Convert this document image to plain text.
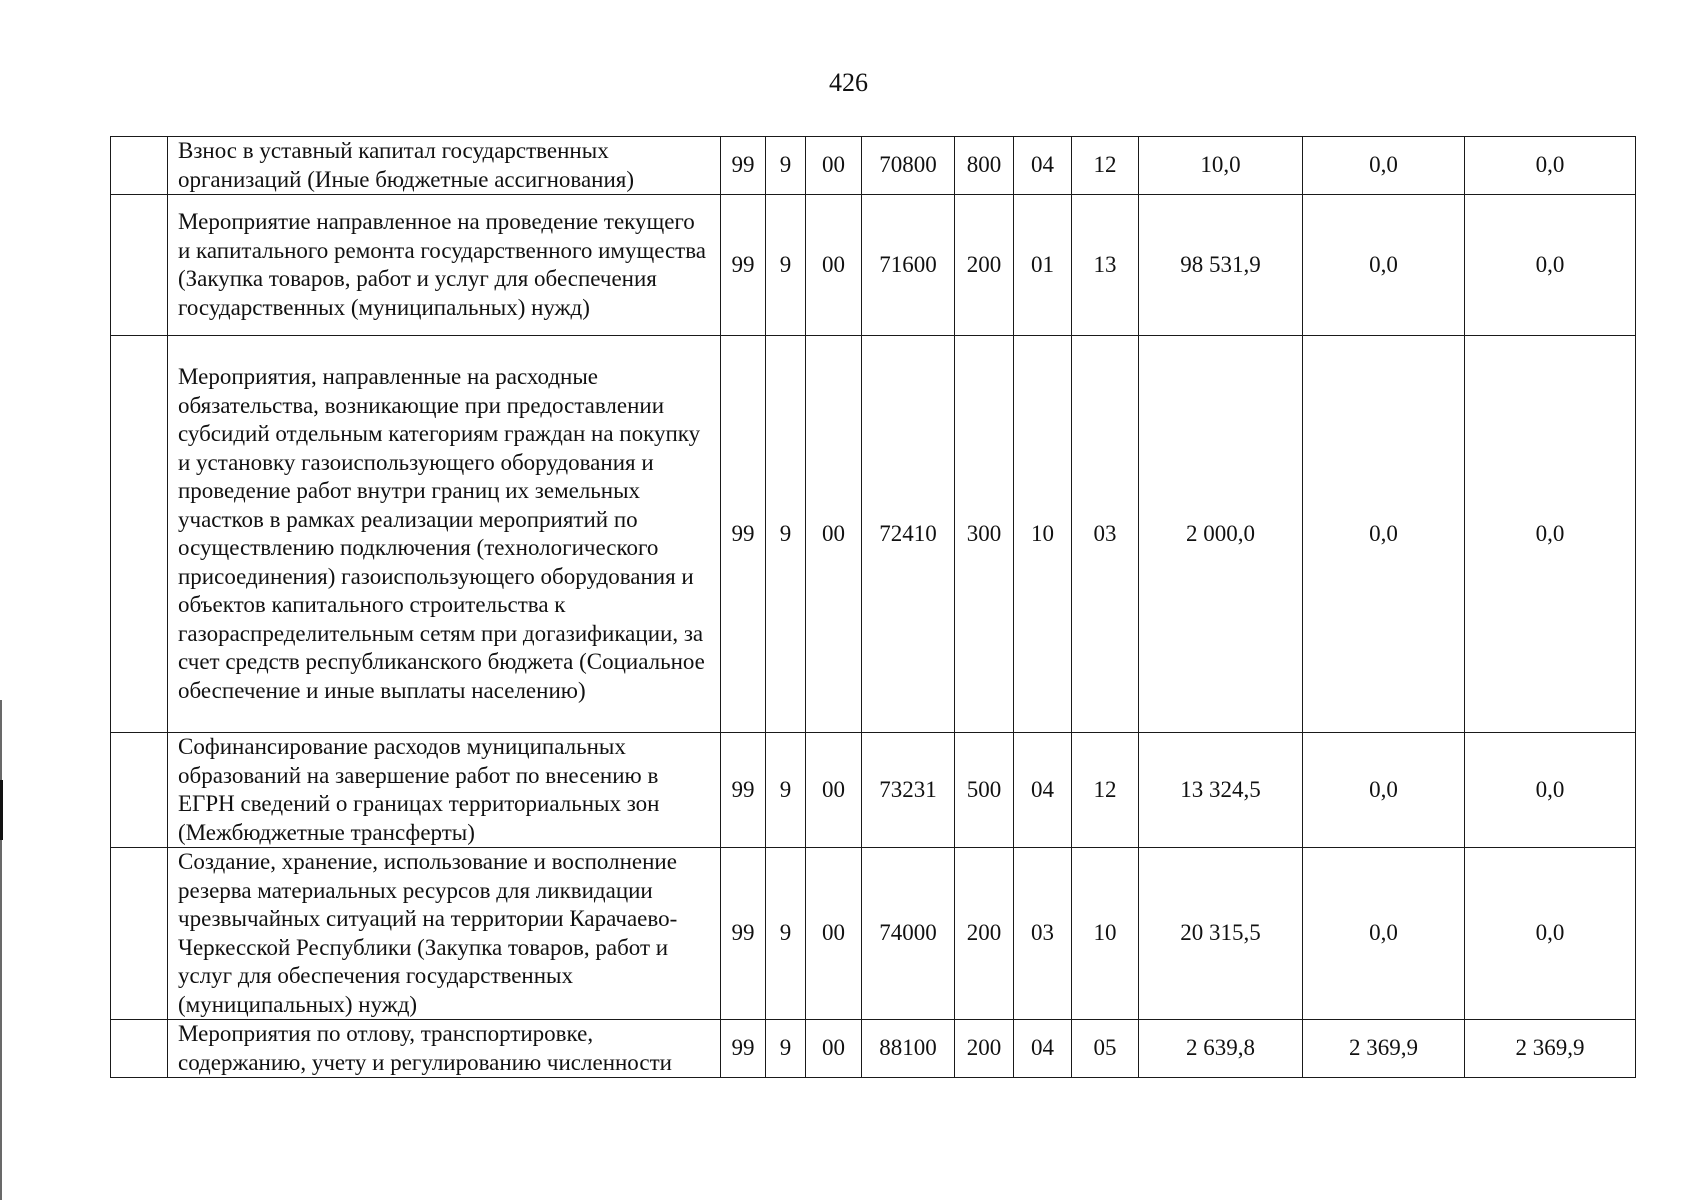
426
	Взнос в уставный капитал государственных организаций (Иные бюджетные ассигнования)	99	9	00	70800	800	04	12	10,0	0,0	0,0
	Мероприятие направленное на проведение текущего и капитального ремонта государственного имущества (Закупка товаров, работ и услуг для обеспечения государственных (муниципальных) нужд)	99	9	00	71600	200	01	13	98 531,9	0,0	0,0
	Мероприятия, направленные на расходные обязательства, возникающие при предоставлении субсидий отдельным категориям граждан на покупку и установку газоиспользующего оборудования и проведение работ внутри границ их земельных участков в рамках реализации мероприятий по осуществлению подключения (технологического присоединения) газоиспользующего оборудования и объектов капитального строительства к газораспределительным сетям при догазификации, за счет средств республиканского бюджета (Социальное обеспечение и иные выплаты населению)	99	9	00	72410	300	10	03	2 000,0	0,0	0,0
	Софинансирование расходов муниципальных образований на завершение работ по внесению в ЕГРН сведений о границах территориальных зон (Межбюджетные трансферты)	99	9	00	73231	500	04	12	13 324,5	0,0	0,0
	Создание, хранение, использование и восполнение резерва материальных ресурсов для ликвидации чрезвычайных ситуаций на территории Карачаево-Черкесской Республики (Закупка товаров, работ и услуг для обеспечения государственных (муниципальных) нужд)	99	9	00	74000	200	03	10	20 315,5	0,0	0,0
	Мероприятия по отлову, транспортировке, содержанию, учету и регулированию численности	99	9	00	88100	200	04	05	2 639,8	2 369,9	2 369,9
